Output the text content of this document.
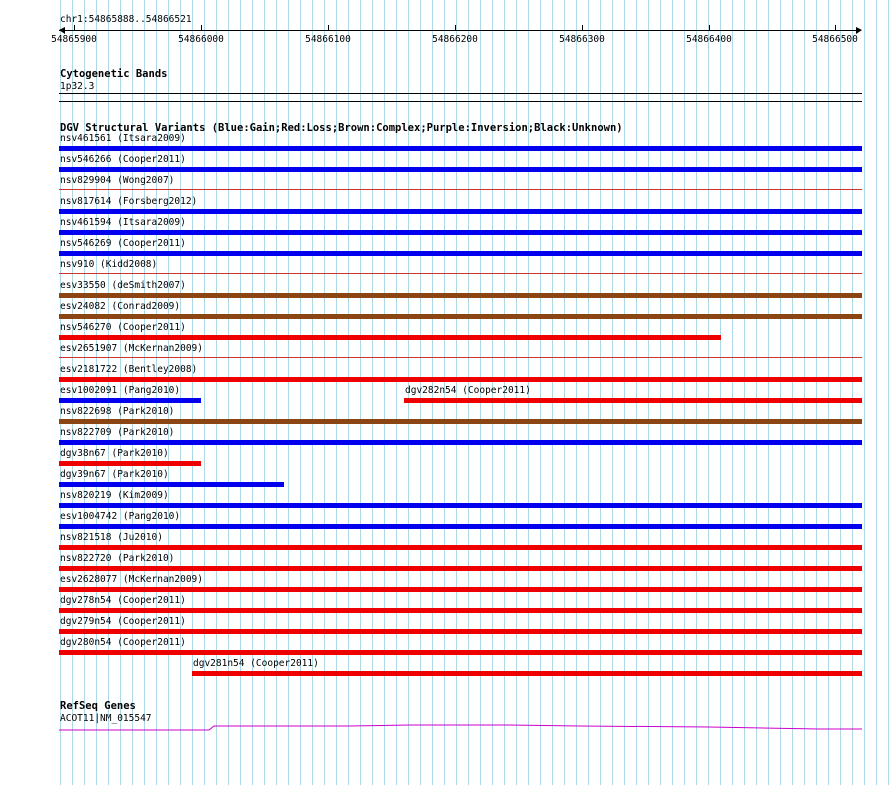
chr1:54865888..54866521
54865900	54866000	54866100	54866200	54866300	54866400	54866500
Cytogenetic Bands
1p32.3
DGV Structural Variants (Blue:Gain;Red:Loss;Brown:Complex;Purple:Inversion;Black:Unknown)
nsv461561 (Itsara2009)
nsv546266 (Cooper2011)
nsv829904 (Wong2007)
nsv817614 (Forsberg2012)
nsv461594 (Itsara2009)
nsv546269 (Cooper2011)
nsv910 (Kidd2008)
esv33550 (deSmith2007)
esv24082 (Conrad2009)
nsv546270 (Cooper2011)
esv2651907 (McKernan2009)
esv2181722 (Bentley2008)
esv1002091 (Pang2010)	dgv282n54 (Cooper2011)
nsv822698 (Park2010)
nsv822709 (Park2010)
dgv38n67 (Park2010)
dgv39n67 (Park2010)
nsv820219 (Kim2009)
esv1004742 (Pang2010)
nsv821518 (Ju2010)
nsv822720 (Park2010)
esv2628077 (McKernan2009)
dgv278n54 (Cooper2011)
dgv279n54 (Cooper2011)
dgv280n54 (Cooper2011)
dgv281n54 (Cooper2011)
RefSeq Genes
ACOT11|NM_015547
